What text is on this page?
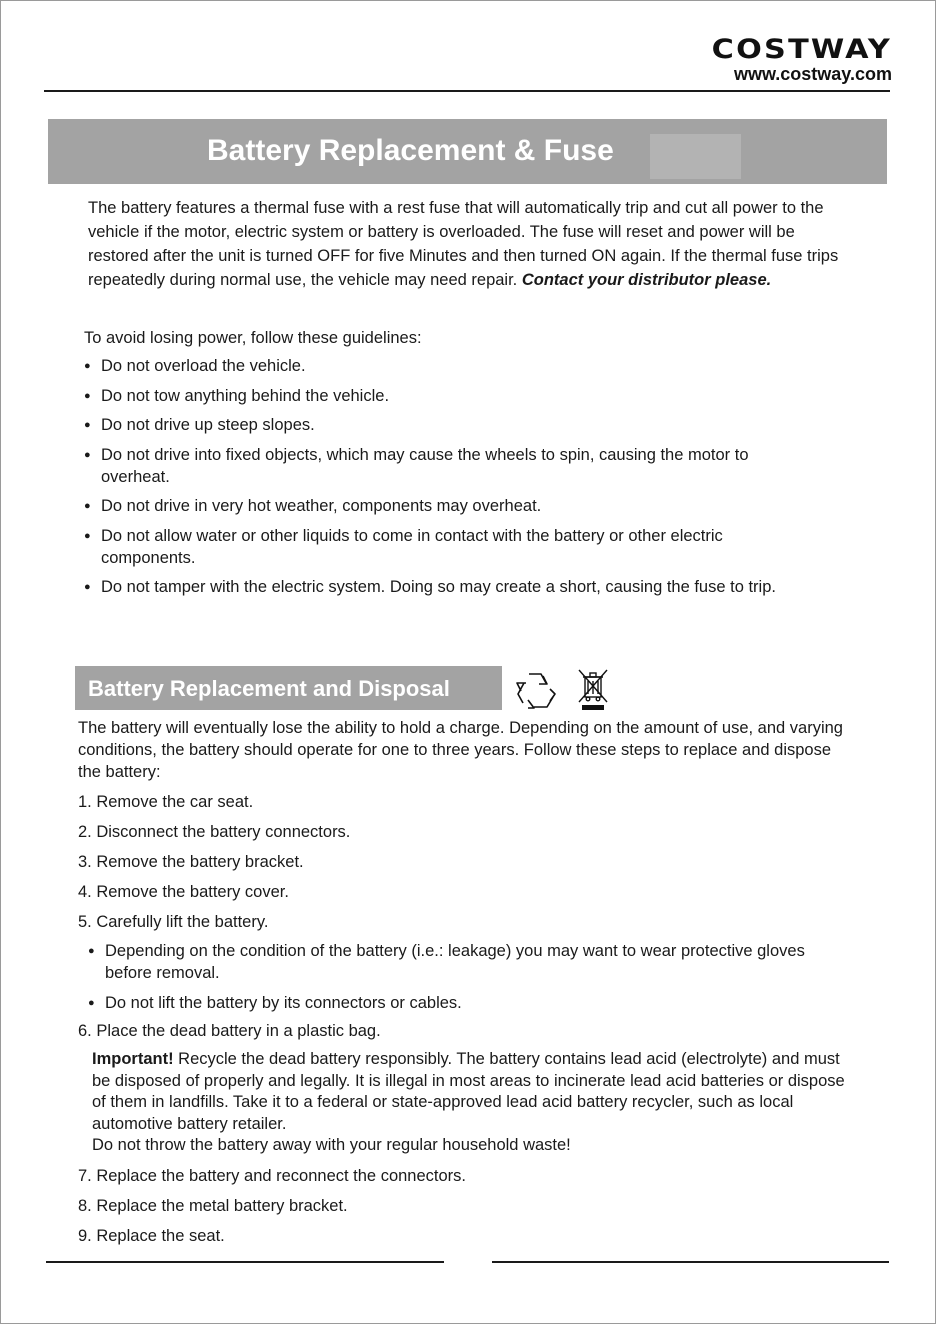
COSTWAY
www.costway.com
Battery Replacement & Fuse

The battery features a thermal fuse with a rest fuse that will automatically trip and cut all power to the vehicle if the motor, electric system or battery is overloaded. The fuse will reset and power will be restored after the unit is turned OFF for five Minutes and then turned ON again. If the thermal fuse trips repeatedly during normal use, the vehicle may need repair. Contact your distributor please.

To avoid losing power, follow these guidelines:
● Do not overload the vehicle.
● Do not tow anything behind the vehicle.
● Do not drive up steep slopes.
● Do not drive into fixed objects, which may cause the wheels to spin, causing the motor to overheat.
● Do not drive in very hot weather, components may overheat.
● Do not allow water or other liquids to come in contact with the battery or other electric components.
● Do not tamper with the electric system. Doing so may create a short, causing the fuse to trip.
Battery Replacement and Disposal
The battery will eventually lose the ability to hold a charge. Depending on the amount of use, and varying conditions, the battery should operate for one to three years. Follow these steps to replace and dispose the battery:
1. Remove the car seat.
2. Disconnect the battery connectors.
3. Remove the battery bracket.
4. Remove the battery cover.
5. Carefully lift the battery.
● Depending on the condition of the battery (i.e.: leakage) you may want to wear protective gloves before removal.
● Do not lift the battery by its connectors or cables.
6. Place the dead battery in a plastic bag.
Important! Recycle the dead battery responsibly. The battery contains lead acid (electrolyte) and must be disposed of properly and legally. It is illegal in most areas to incinerate lead acid batteries or dispose of them in landfills. Take it to a federal or state-approved lead acid battery recycler, such as local automotive battery retailer.
Do not throw the battery away with your regular household waste!
7. Replace the battery and reconnect the connectors.
8. Replace the metal battery bracket.
9. Replace the seat.
